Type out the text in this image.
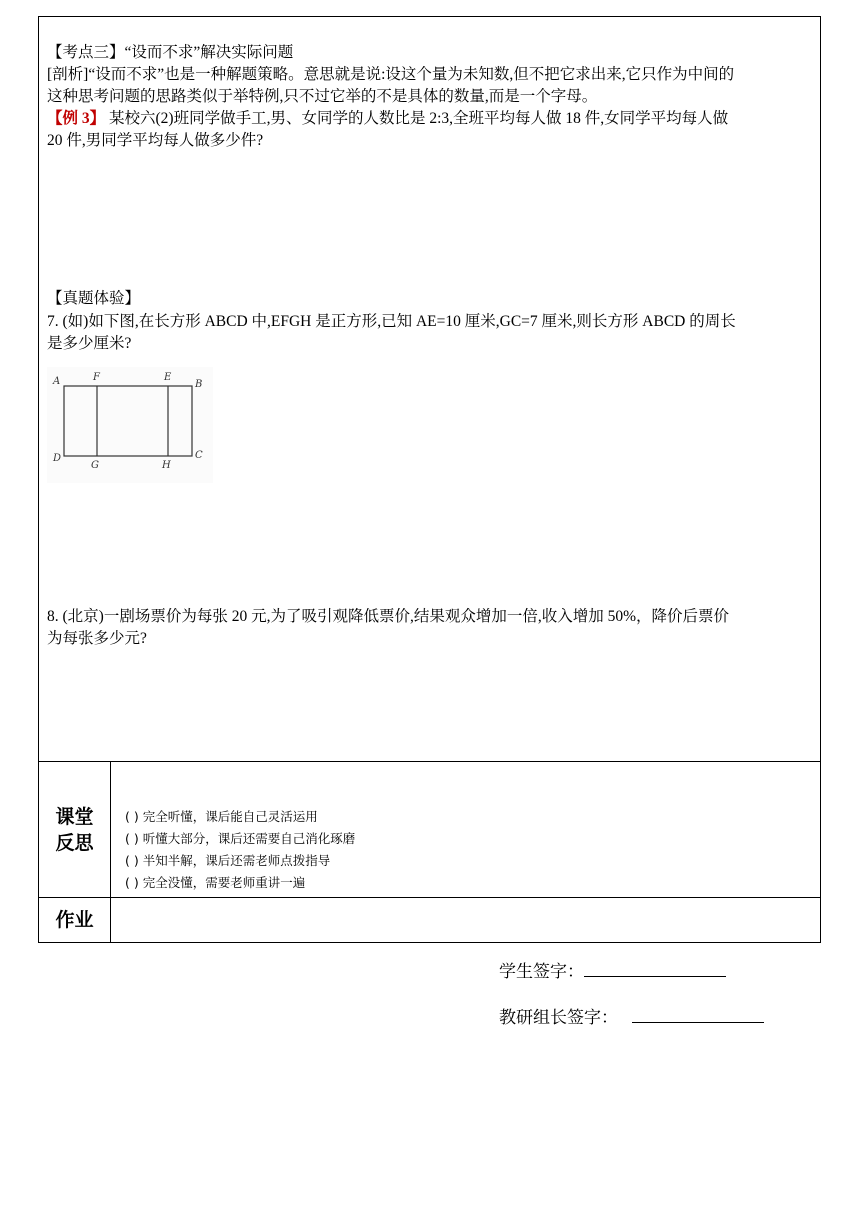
【考点三】“设而不求”解决实际问题
[剖析]“设而不求”也是一种解题策略。意思就是说:设这个量为未知数,但不把它求出来,它只作为中间的
这种思考问题的思路类似于举特例,只不过它举的不是具体的数量,而是一个字母。
【例 3】 某校六(2)班同学做手工,男、女同学的人数比是 2:3,全班平均每人做 18 件,女同学平均每人做
20 件,男同学平均每人做多少件?
【真题体验】
7. (如)如下图,在长方形 ABCD 中,EFGH 是正方形,已知 AE=10 厘米,GC=7 厘米,则长方形 ABCD 的周长
是多少厘米?
A	F	E
B
D
G	H
C
8. (北京)一剧场票价为每张 20 元,为了吸引观降低票价,结果观众增加一倍,收入增加 50%，降价后票价
为每张多少元?
课堂
反思
( ) 完全听懂，课后能自己灵活运用
( ) 听懂大部分，课后还需要自己消化琢磨
( ) 半知半解，课后还需老师点拨指导
( ) 完全没懂，需要老师重讲一遍
作业
学生签字：
教研组长签字：
